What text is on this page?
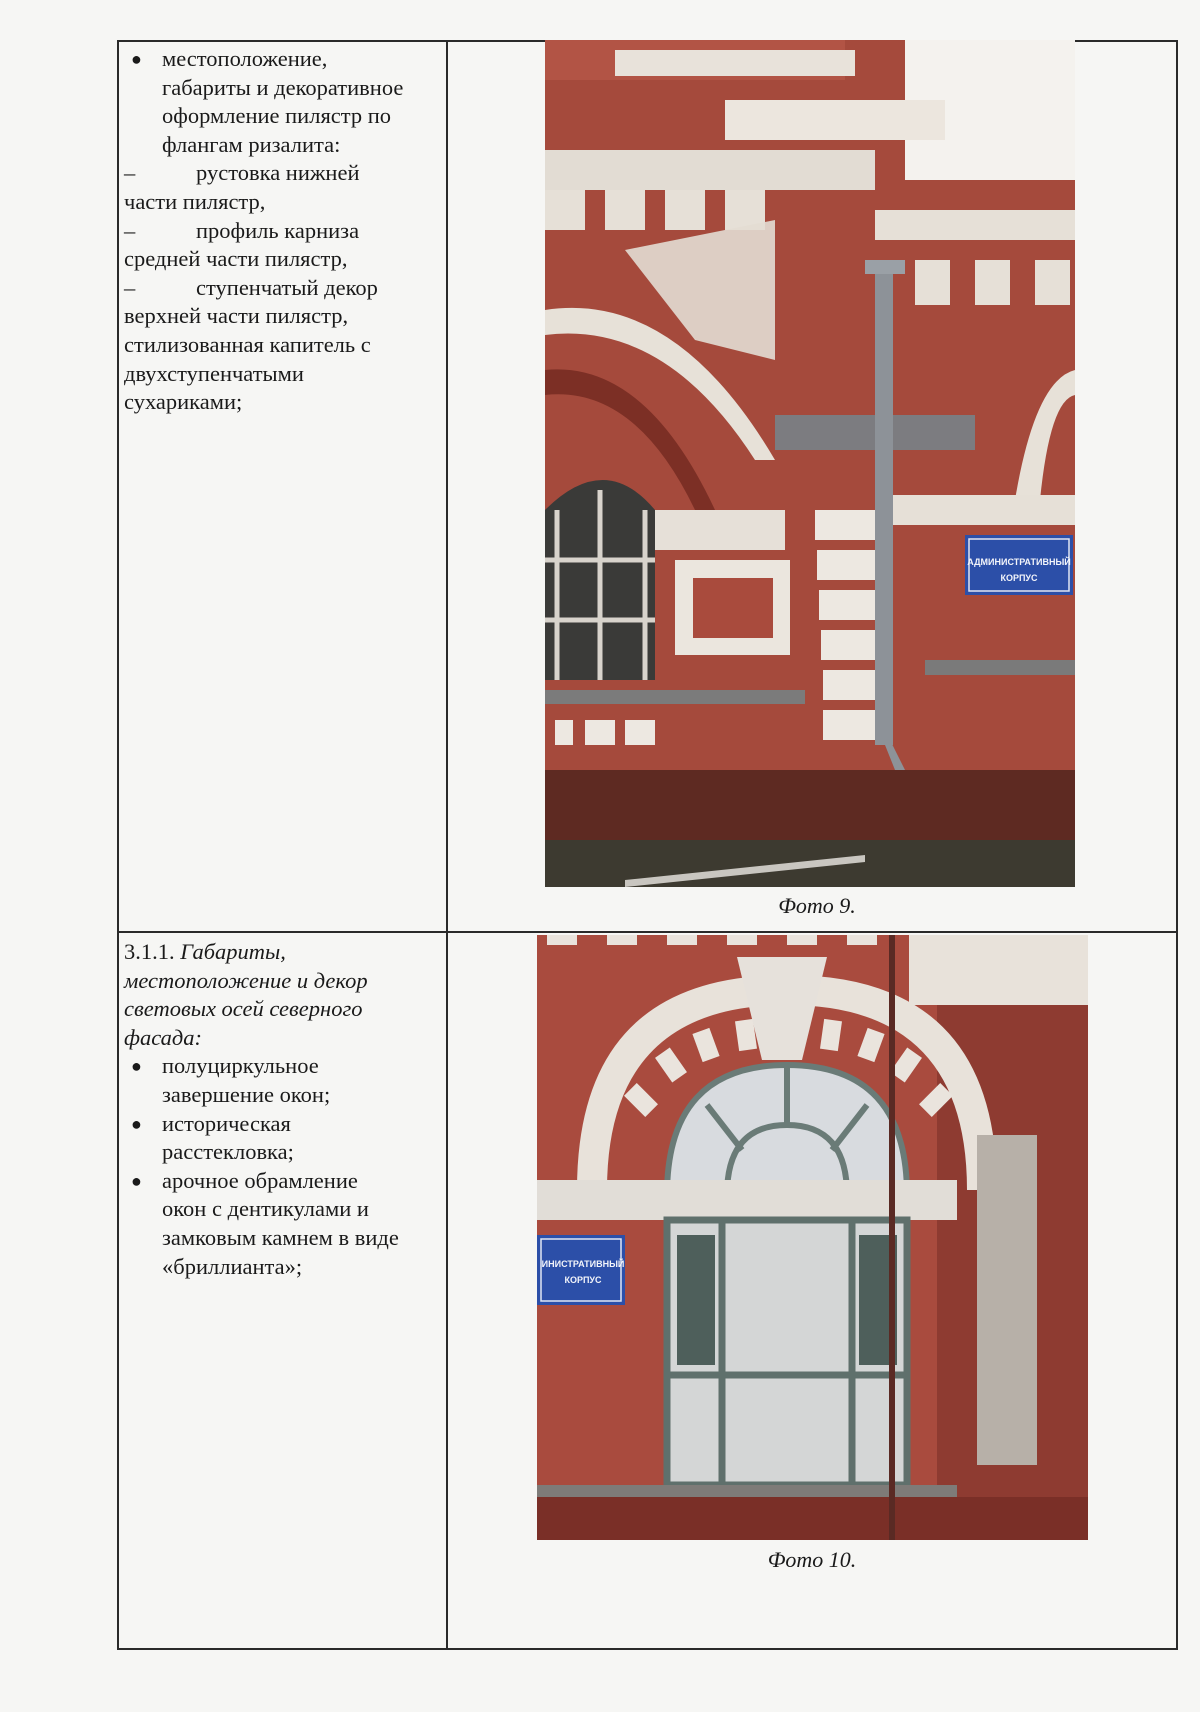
● местоположение,
габариты и декоративное
оформление пилястр по
флангам ризалита:
–	рустовка нижней
части пилястр,
–	профиль карниза
средней части пилястр,
–	ступенчатый декор
верхней части пилястр,
стилизованная капитель с
двухступенчатыми
сухариками;
АДМИНИСТРАТИВНЫЙ
КОРПУС
Фото 9.
3.1.1. Габариты,
местоположение и декор
световых осей северного
фасада:
● полуциркульное
завершение окон;
● историческая
расстекловка;
● арочное обрамление
окон с дентикулами и
замковым камнем в виде
«бриллианта»;	ИНИСТРАТИВНЫЙ
КОРПУС
Фото 10.
